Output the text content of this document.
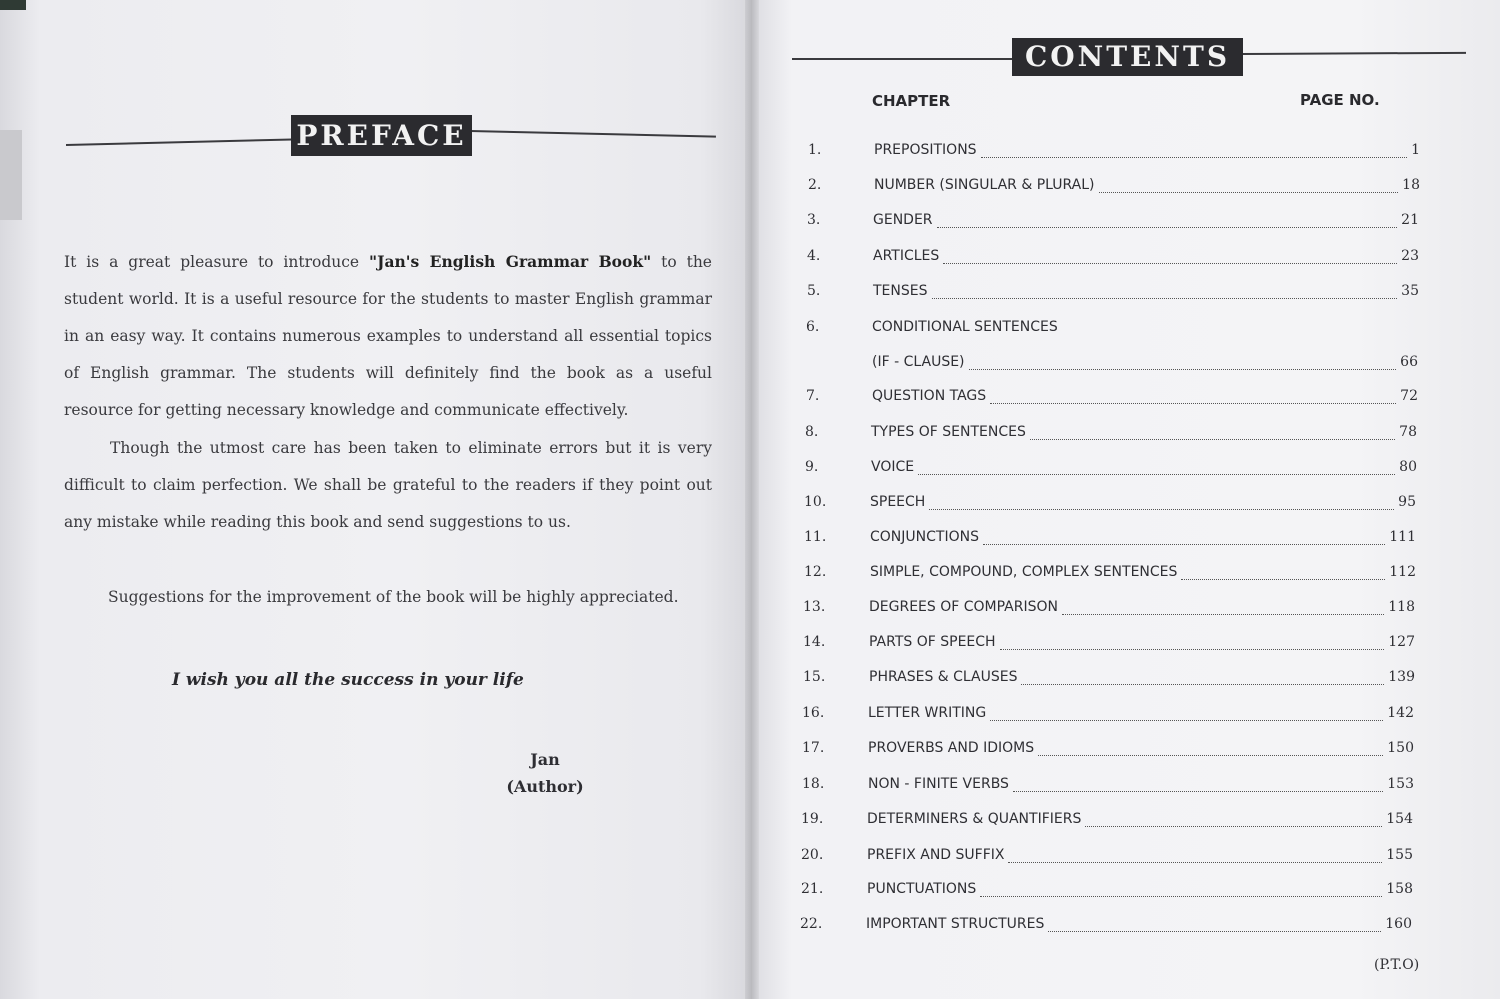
PREFACE
It is a great pleasure to introduce "Jan's English Grammar Book" to the student world. It is a useful resource for the students to master English grammar in an easy way. It contains numerous examples to understand all essential topics of English grammar. The students will definitely find the book as a useful resource for getting necessary knowledge and communicate effectively.
Though the utmost care has been taken to eliminate errors but it is very difficult to claim perfection. We shall be grateful to the readers if they point out any mistake while reading this book and send suggestions to us.
Suggestions for the improvement of the book will be highly appreciated.
I wish you all the success in your life
Jan
(Author)
CONTENTS
CHAPTER	PAGE NO.
1.	PREPOSITIONS	1
2.	NUMBER (SINGULAR & PLURAL)	18
3.	GENDER	21
4.	ARTICLES	23
5.	TENSES	35
6.	CONDITIONAL SENTENCES
(IF - CLAUSE)	66
7.	QUESTION TAGS	72
8.	TYPES OF SENTENCES	78
9.	VOICE	80
10.	SPEECH	95
11.	CONJUNCTIONS	111
12.	SIMPLE, COMPOUND, COMPLEX SENTENCES	112
13.	DEGREES OF COMPARISON	118
14.	PARTS OF SPEECH	127
15.	PHRASES & CLAUSES	139
16.	LETTER WRITING	142
17.	PROVERBS AND IDIOMS	150
18.	NON - FINITE VERBS	153
19.	DETERMINERS & QUANTIFIERS	154
20.	PREFIX AND SUFFIX	155
21.	PUNCTUATIONS	158
22.	IMPORTANT STRUCTURES	160
(P.T.O)
